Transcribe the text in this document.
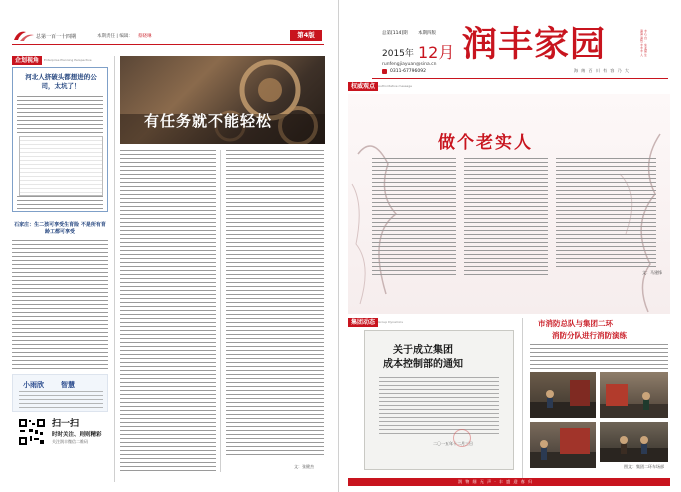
总第一百一十四期	本期责任 | 编辑： 蔡晓琳	第4版
企划视角	Enterprise Planning Perspective
河北人挤破头都想进的公司，太坑了！
石家庄：生二孩可享受生育险 不是所有育龄工都可享受
小雨欣 智慧
扫一扫
时时关注、则则精彩
关注润丰微信二维码
有任务就不能轻松
文：张健杰
总第[114]期 本期四版
2015年 12月
runfengjiayuan@sina.cn
0311-67796092
润丰家园	润 丰 润 心 润 自 然 · 丰 实 丰 业 丰 富 人 生
海 纳 百 川 有 容 乃 大
权威观点 Authoritative message
做个老实人
文：马建锋
集团动态 Group Dynamics
关于成立集团
成本控制部的通知
二〇一五年十二月三日
市消防总队与集团二环
消防分队进行消防演练
图文：集团二环车场部
润 物 细 无 声 · 丰 盛 迎 春 归
